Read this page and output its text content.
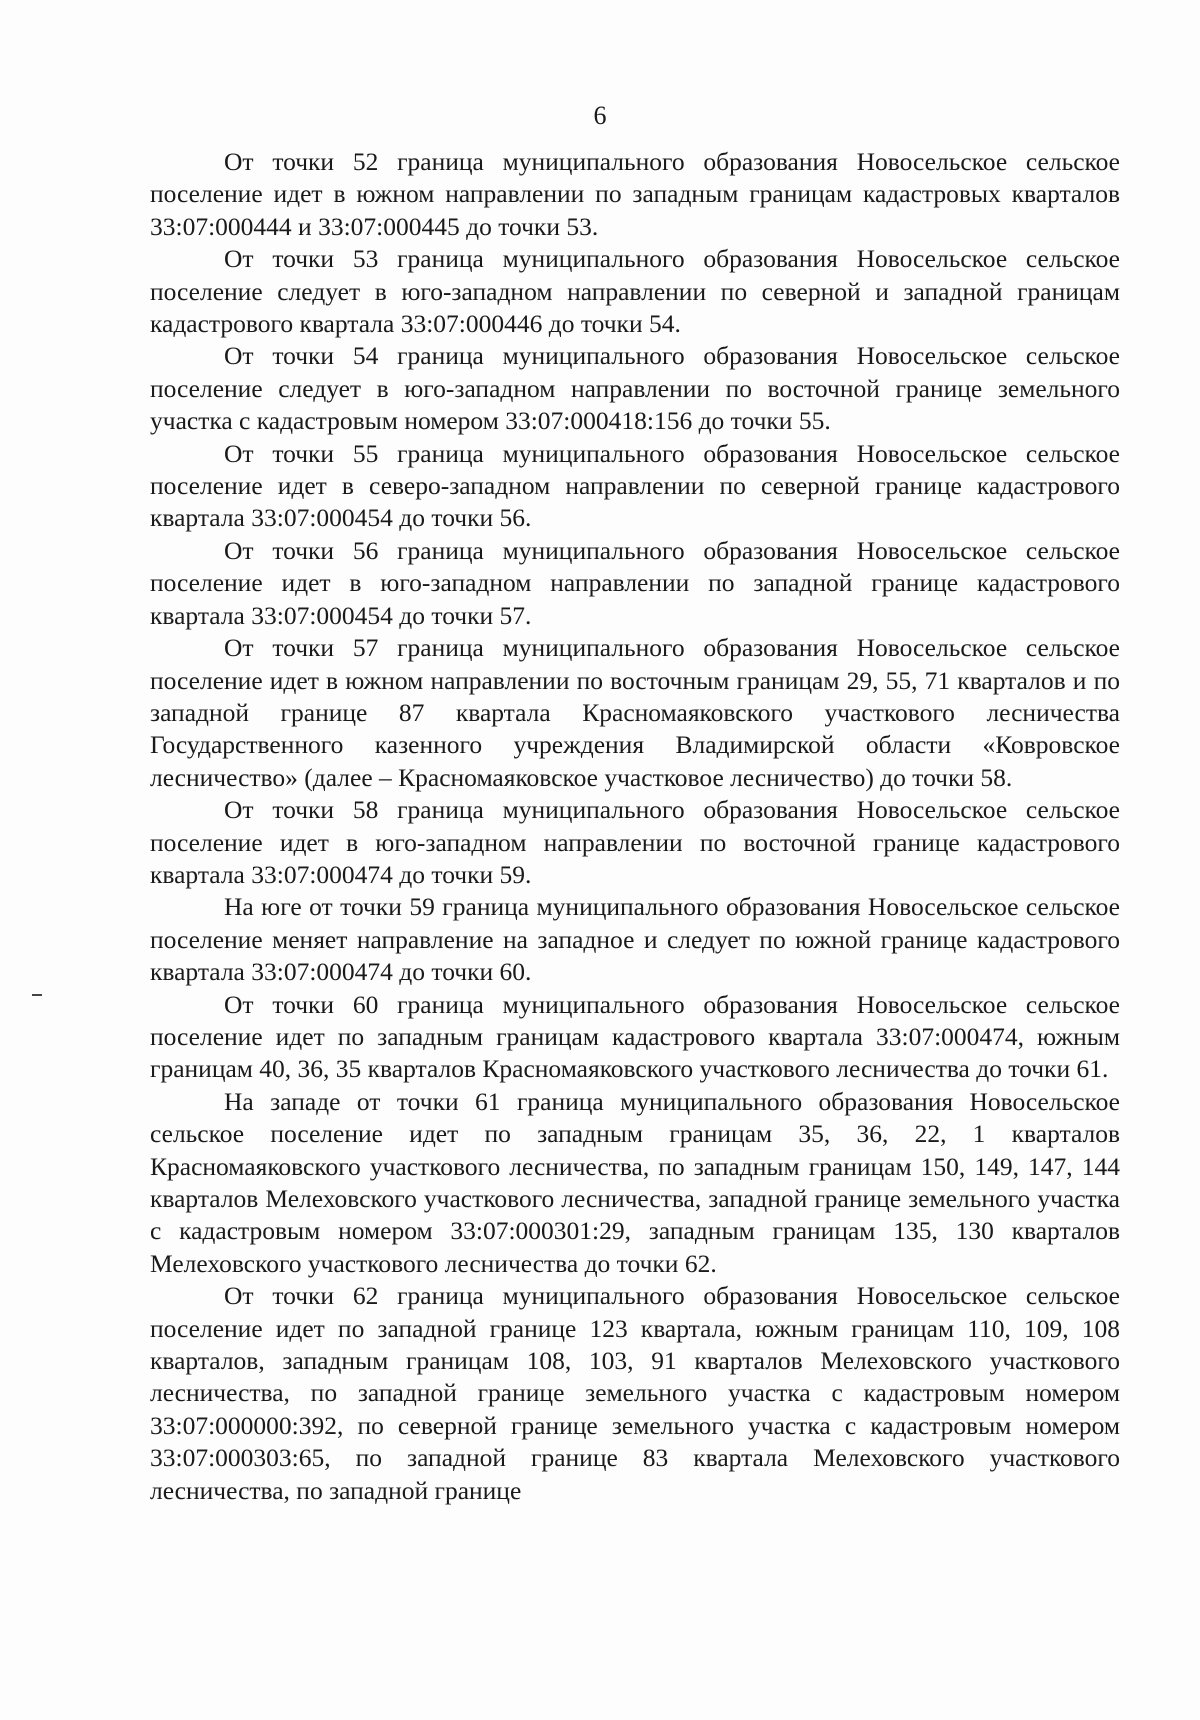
6

От точки 52 граница муниципального образования Новосельское сельское поселение идет в южном направлении по западным границам кадастровых кварталов 33:07:000444 и 33:07:000445 до точки 53.

От точки 53 граница муниципального образования Новосельское сельское поселение следует в юго-западном направлении по северной и западной границам кадастрового квартала 33:07:000446 до точки 54.

От точки 54 граница муниципального образования Новосельское сельское поселение следует в юго-западном направлении по восточной границе земельного участка с кадастровым номером 33:07:000418:156 до точки 55.

От точки 55 граница муниципального образования Новосельское сельское поселение идет в северо-западном направлении по северной границе кадастрового квартала 33:07:000454 до точки 56.

От точки 56 граница муниципального образования Новосельское сельское поселение идет в юго-западном направлении по западной границе кадастрового квартала 33:07:000454 до точки 57.

От точки 57 граница муниципального образования Новосельское сельское поселение идет в южном направлении по восточным границам 29, 55, 71 кварталов и по западной границе 87 квартала Красномаяковского участкового лесничества Государственного казенного учреждения Владимирской области «Ковровское лесничество» (далее – Красномаяковское участковое лесничество) до точки 58.

От точки 58 граница муниципального образования Новосельское сельское поселение идет в юго-западном направлении по восточной границе кадастрового квартала 33:07:000474 до точки 59.

На юге от точки 59 граница муниципального образования Новосельское сельское поселение меняет направление на западное и следует по южной границе кадастрового квартала 33:07:000474 до точки 60.

От точки 60 граница муниципального образования Новосельское сельское поселение идет по западным границам кадастрового квартала 33:07:000474, южным границам 40, 36, 35 кварталов Красномаяковского участкового лесничества до точки 61.

На западе от точки 61 граница муниципального образования Новосельское сельское поселение идет по западным границам 35, 36, 22, 1 кварталов Красномаяковского участкового лесничества, по западным границам 150, 149, 147, 144 кварталов Мелеховского участкового лесничества, западной границе земельного участка с кадастровым номером 33:07:000301:29, западным границам 135, 130 кварталов Мелеховского участкового лесничества до точки 62.

От точки 62 граница муниципального образования Новосельское сельское поселение идет по западной границе 123 квартала, южным границам 110, 109, 108 кварталов, западным границам 108, 103, 91 кварталов Мелеховского участкового лесничества, по западной границе земельного участка с кадастровым номером 33:07:000000:392, по северной границе земельного участка с кадастровым номером 33:07:000303:65, по западной границе 83 квартала Мелеховского участкового лесничества, по западной границе
